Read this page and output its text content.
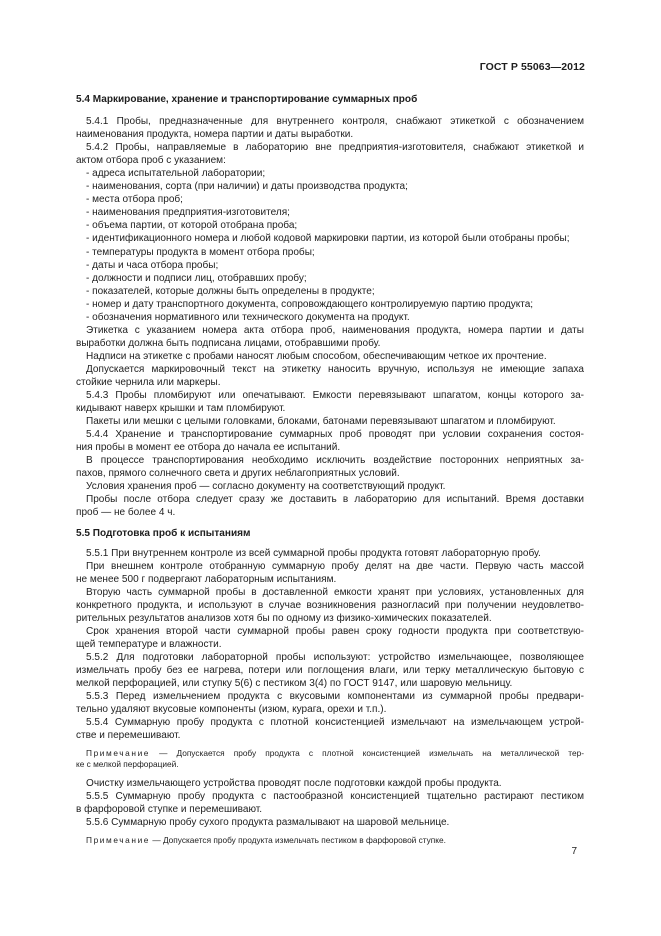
ГОСТ Р 55063—2012
5.4 Маркирование, хранение и транспортирование суммарных проб
5.4.1 Пробы, предназначенные для внутреннего контроля, снабжают этикеткой с обозначением
наименования продукта, номера партии и даты выработки.
5.4.2 Пробы, направляемые в лабораторию вне предприятия-изготовителя, снабжают этикеткой и
актом отбора проб с указанием:
- адреса испытательной лаборатории;
- наименования, сорта (при наличии) и даты производства продукта;
- места отбора проб;
- наименования предприятия-изготовителя;
- объема партии, от которой отобрана проба;
- идентификационного номера и любой кодовой маркировки партии, из которой были отобраны пробы;
- температуры продукта в момент отбора пробы;
- даты и часа отбора пробы;
- должности и подписи лиц, отобравших пробу;
- показателей, которые должны быть определены в продукте;
- номер и дату транспортного документа, сопровождающего контролируемую партию продукта;
- обозначения нормативного или технического документа на продукт.
Этикетка с указанием номера акта отбора проб, наименования продукта, номера партии и даты
выработки должна быть подписана лицами, отобравшими пробу.
Надписи на этикетке с пробами наносят любым способом, обеспечивающим четкое их прочтение.
Допускается маркировочный текст на этикетку наносить вручную, используя не имеющие запаха
стойкие чернила или маркеры.
5.4.3 Пробы пломбируют или опечатывают. Емкости перевязывают шпагатом, концы которого за-
кидывают наверх крышки и там пломбируют.
Пакеты или мешки с целыми головками, блоками, батонами перевязывают шпагатом и пломбируют.
5.4.4 Хранение и транспортирование суммарных проб проводят при условии сохранения состоя-
ния пробы в момент ее отбора до начала ее испытаний.
В процессе транспортирования необходимо исключить воздействие посторонних неприятных за-
пахов, прямого солнечного света и других неблагоприятных условий.
Условия хранения проб — согласно документу на соответствующий продукт.
Пробы после отбора следует сразу же доставить в лабораторию для испытаний. Время доставки
проб — не более 4 ч.
5.5 Подготовка проб к испытаниям
5.5.1 При внутреннем контроле из всей суммарной пробы продукта готовят лабораторную пробу.
При внешнем контроле отобранную суммарную пробу делят на две части. Первую часть массой
не менее 500 г подвергают лабораторным испытаниям.
Вторую часть суммарной пробы в доставленной емкости хранят при условиях, установленных для
конкретного продукта, и используют в случае возникновения разногласий при получении неудовлетво-
рительных результатов анализов хотя бы по одному из физико-химических показателей.
Срок хранения второй части суммарной пробы равен сроку годности продукта при соответствую-
щей температуре и влажности.
5.5.2 Для подготовки лабораторной пробы используют: устройство измельчающее, позволяющее
измельчать пробу без ее нагрева, потери или поглощения влаги, или терку металлическую бытовую с
мелкой перфорацией, или ступку 5(6) с пестиком 3(4) по ГОСТ 9147, или шаровую мельницу.
5.5.3 Перед измельчением продукта с вкусовыми компонентами из суммарной пробы предвари-
тельно удаляют вкусовые компоненты (изюм, курага, орехи и т.п.).
5.5.4 Суммарную пробу продукта с плотной консистенцией измельчают на измельчающем устрой-
стве и перемешивают.
Примечание — Допускается пробу продукта с плотной консистенцией измельчать на металлической тер-
ке с мелкой перфорацией.
Очистку измельчающего устройства проводят после подготовки каждой пробы продукта.
5.5.5 Суммарную пробу продукта с пастообразной консистенцией тщательно растирают пестиком
в фарфоровой ступке и перемешивают.
5.5.6 Суммарную пробу сухого продукта размалывают на шаровой мельнице.
Примечание — Допускается пробу продукта измельчать пестиком в фарфоровой ступке.
7
